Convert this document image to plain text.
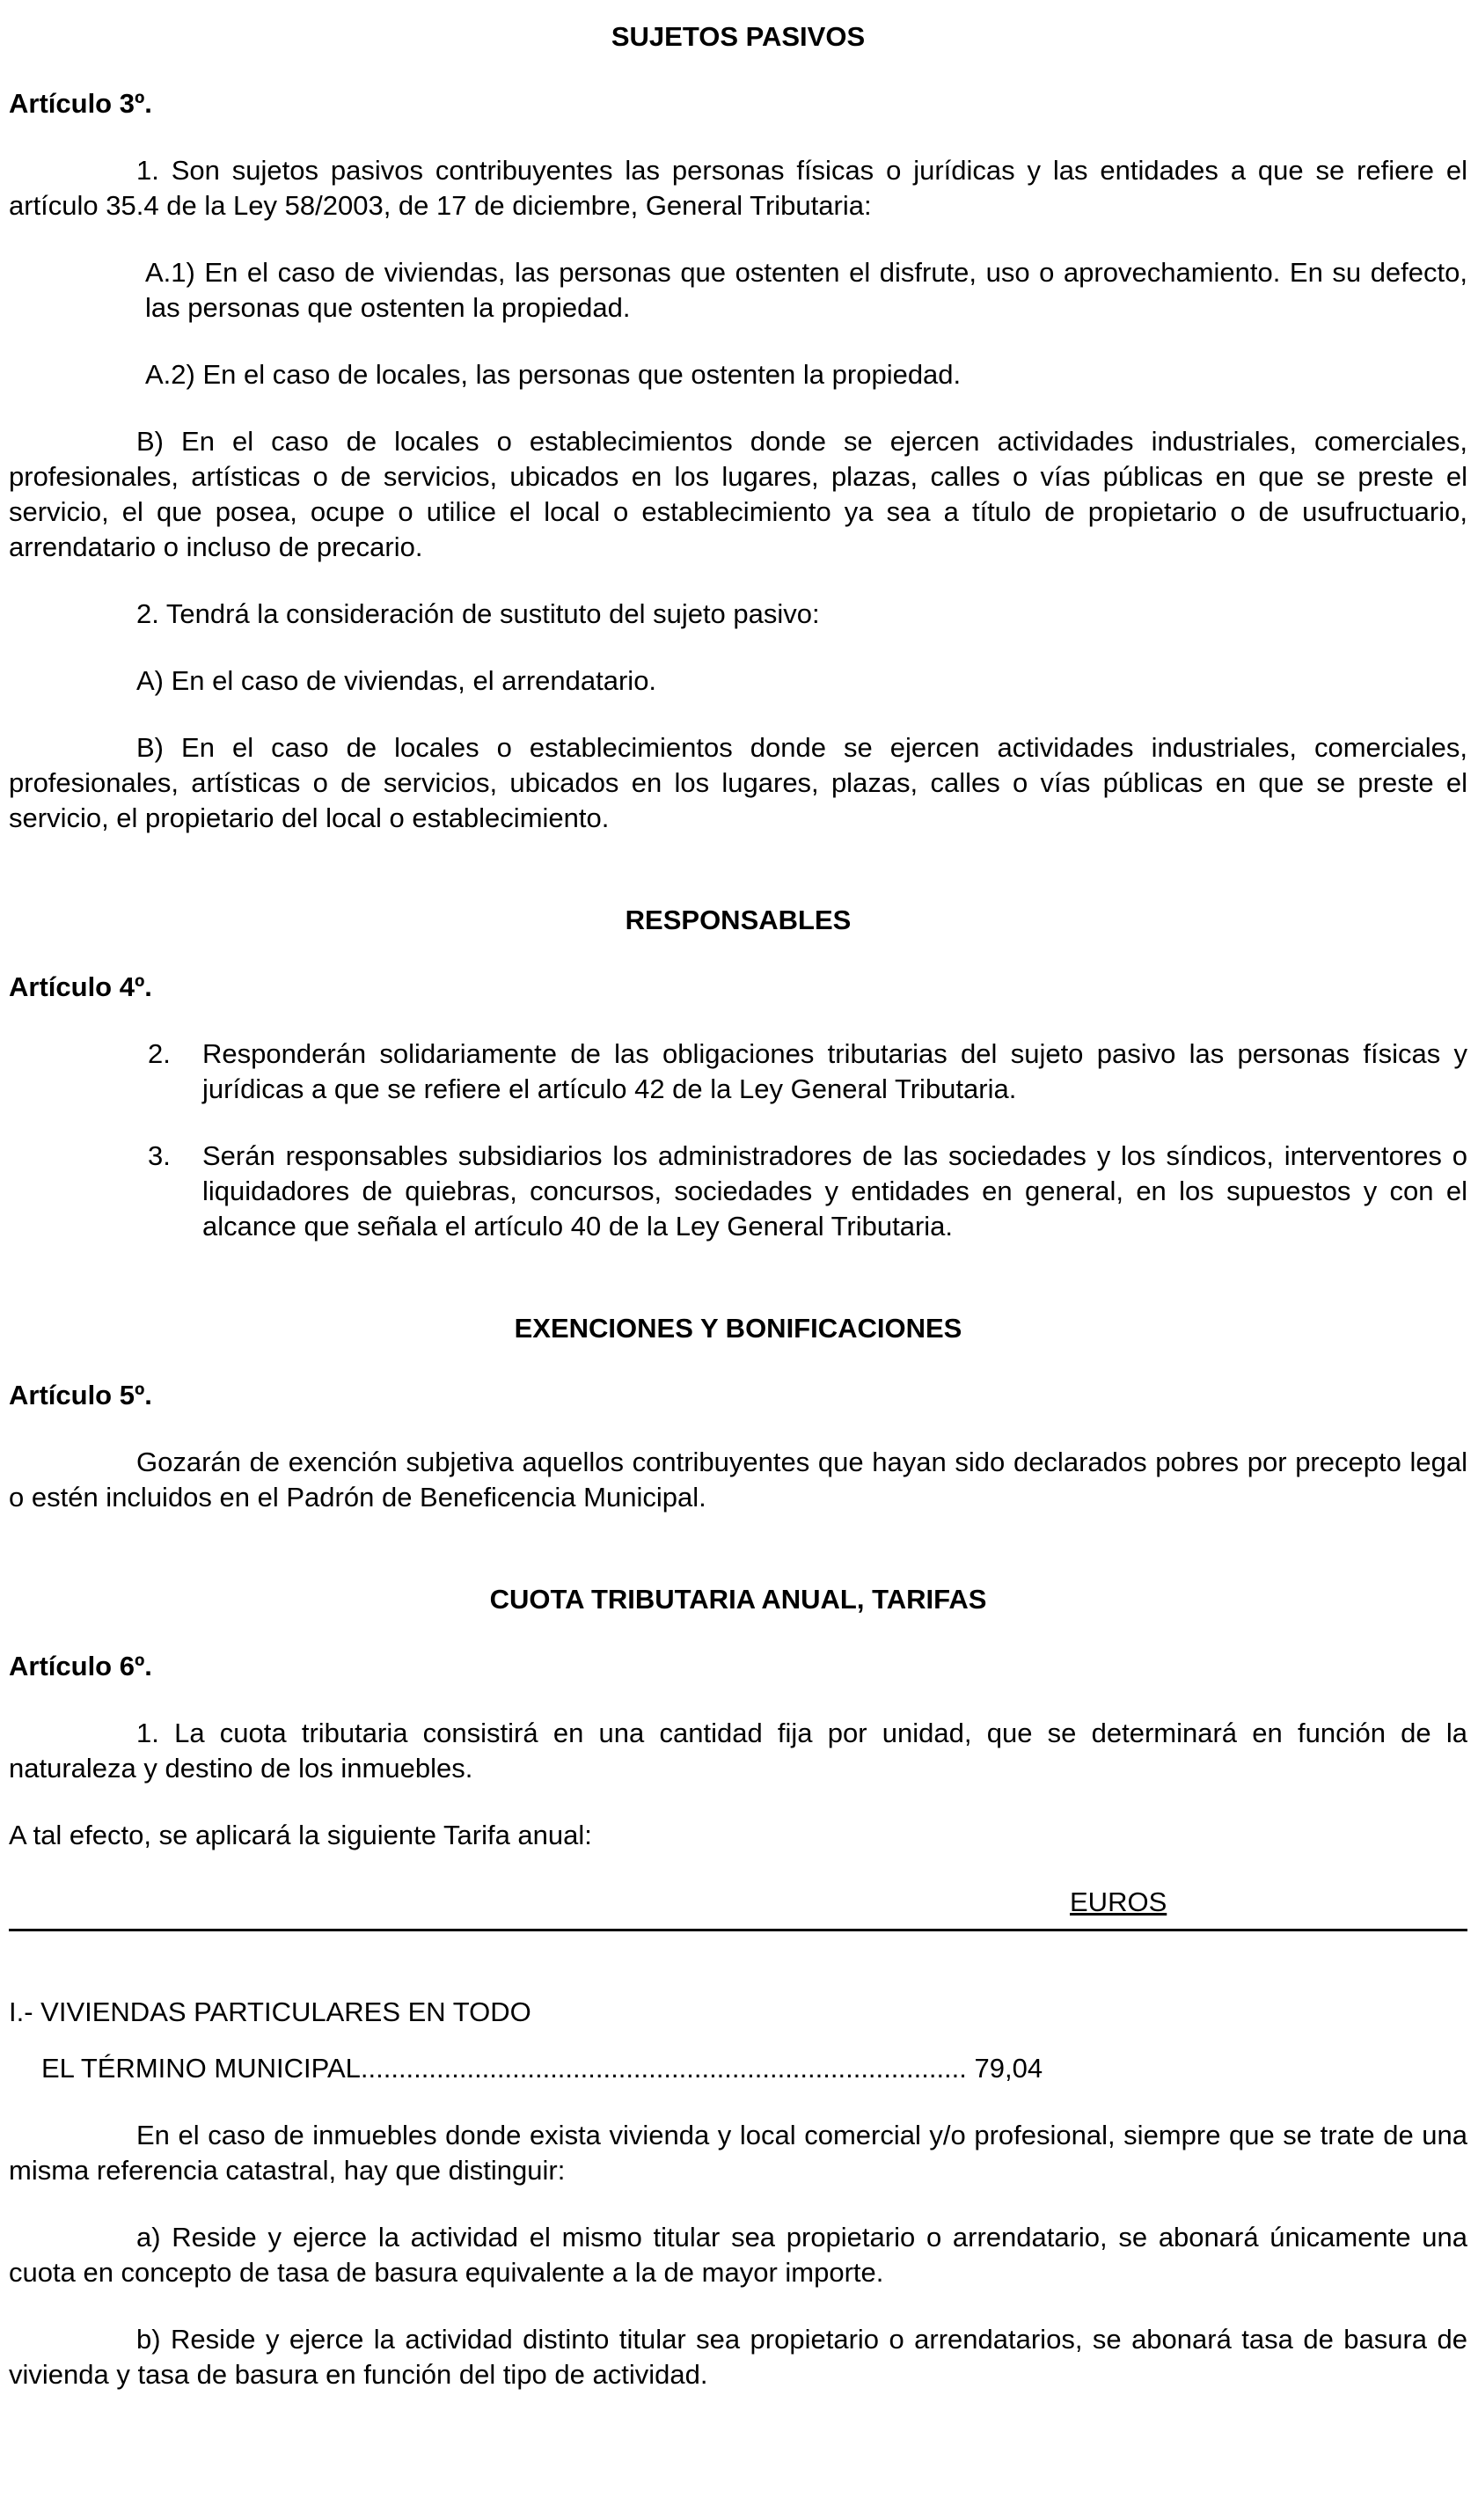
SUJETOS PASIVOS

Artículo 3º.

1. Son sujetos pasivos contribuyentes las personas físicas o jurídicas y las entidades a que se refiere el artículo 35.4 de la Ley 58/2003, de 17 de diciembre, General Tributaria:

A.1) En el caso de viviendas, las personas que ostenten el disfrute, uso o aprovechamiento. En su defecto, las personas que ostenten la propiedad.

A.2) En el caso de locales, las personas que ostenten la propiedad.

B) En el caso de locales o establecimientos donde se ejercen actividades industriales, comerciales, profesionales, artísticas o de servicios, ubicados en los lugares, plazas, calles o vías públicas en que se preste el servicio, el que posea, ocupe o utilice el local o establecimiento ya sea a título de propietario o de usufructuario, arrendatario o incluso de precario.

2. Tendrá la consideración de sustituto del sujeto pasivo:

A) En el caso de viviendas, el arrendatario.

B) En el caso de locales o establecimientos donde se ejercen actividades industriales, comerciales, profesionales, artísticas o de servicios, ubicados en los lugares, plazas, calles o vías públicas en que se preste el servicio, el propietario del local o establecimiento.

RESPONSABLES

Artículo 4º.

2.	Responderán solidariamente de las obligaciones tributarias del sujeto pasivo las personas físicas y jurídicas a que se refiere el artículo 42 de la Ley General Tributaria.
3.	Serán responsables subsidiarios los administradores de las sociedades y los síndicos, interventores o liquidadores de quiebras, concursos, sociedades y entidades en general, en los supuestos y con el alcance que señala el artículo 40 de la Ley General Tributaria.
EXENCIONES Y BONIFICACIONES

Artículo 5º.

Gozarán de exención subjetiva aquellos contribuyentes que hayan sido declarados pobres por precepto legal o estén incluidos en el Padrón de Beneficencia Municipal.

CUOTA TRIBUTARIA ANUAL, TARIFAS

Artículo 6º.

1. La cuota tributaria consistirá en una cantidad fija por unidad, que se determinará en función de la naturaleza y destino de los inmuebles.

A tal efecto, se aplicará la siguiente Tarifa anual:

EUROS

I.- VIVIENDAS PARTICULARES EN TODO

EL TÉRMINO MUNICIPAL................................................................................ 79,04

En el caso de inmuebles donde exista vivienda y local comercial y/o profesional, siempre que se trate de una misma referencia catastral, hay que distinguir:

a) Reside y ejerce la actividad el mismo titular sea propietario o arrendatario, se abonará únicamente una cuota en concepto de tasa de basura equivalente a la de mayor importe.

b) Reside y ejerce la actividad distinto titular sea propietario o arrendatarios, se abonará tasa de basura de vivienda y tasa de basura en función del tipo de actividad.
